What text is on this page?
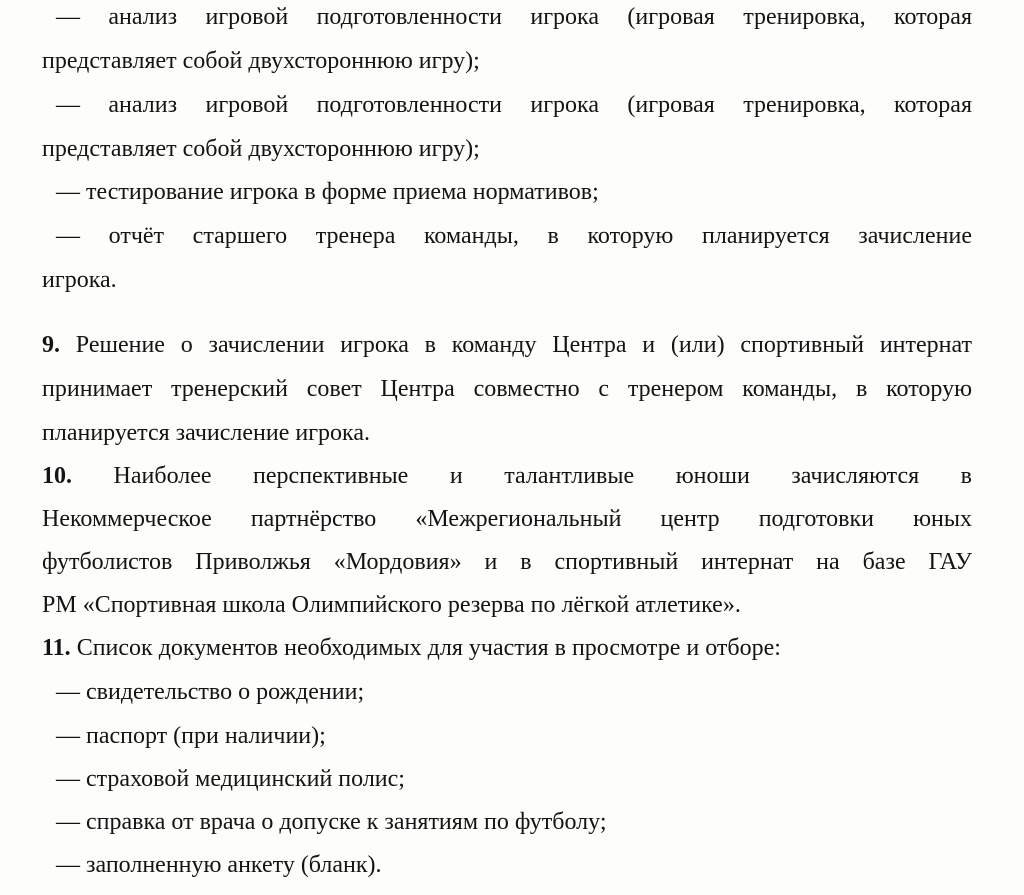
— анализ игровой подготовленности игрока (игровая тренировка, которая
представляет собой двухстороннюю игру);
— анализ игровой подготовленности игрока (игровая тренировка, которая
представляет собой двухстороннюю игру);
— тестирование игрока в форме приема нормативов;
— отчёт старшего тренера команды, в которую планируется зачисление
игрока.
9. Решение о зачислении игрока в команду Центра и (или) спортивный интернат
принимает тренерский совет Центра совместно с тренером команды, в которую
планируется зачисление игрока.
10. Наиболее перспективные и талантливые юноши зачисляются в
Некоммерческое партнёрство «Межрегиональный центр подготовки юных
футболистов Приволжья «Мордовия» и в спортивный интернат на базе ГАУ
РМ «Спортивная школа Олимпийского резерва по лёгкой атлетике».
11. Список документов необходимых для участия в просмотре и отборе:
— свидетельство о рождении;
— паспорт (при наличии);
— страховой медицинский полис;
— справка от врача о допуске к занятиям по футболу;
— заполненную анкету (бланк).
